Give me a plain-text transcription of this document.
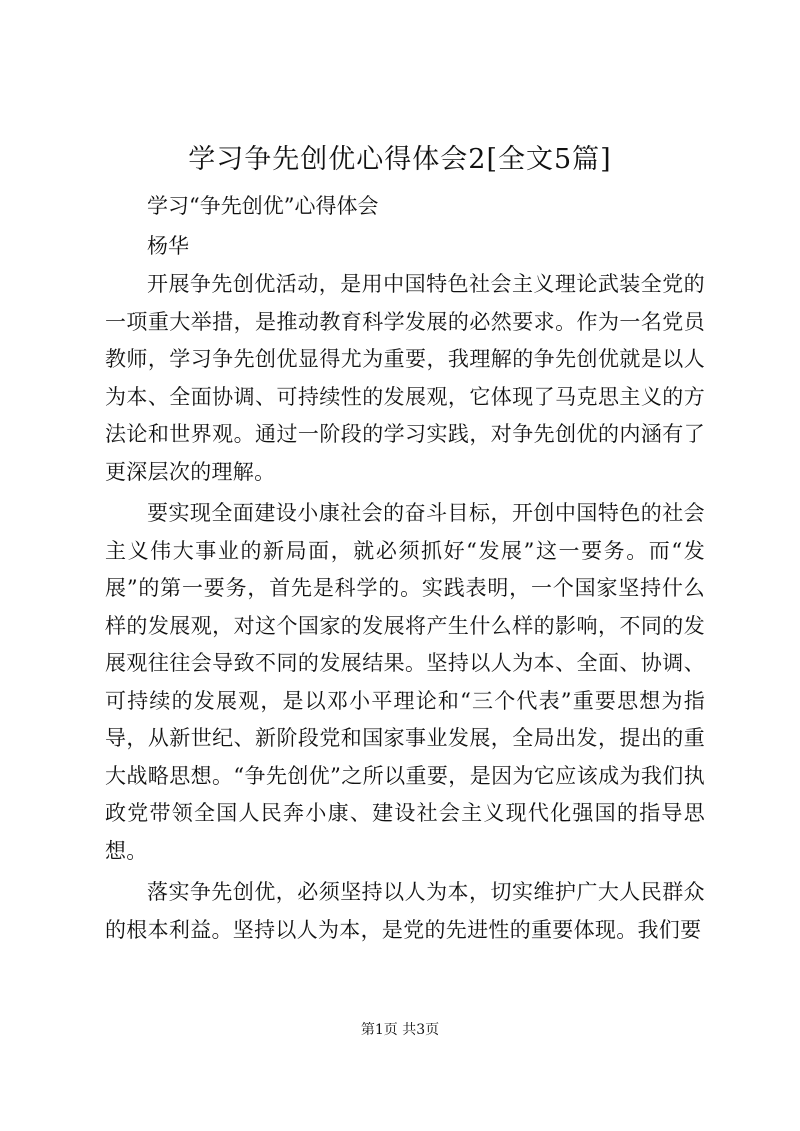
学习争先创优心得体会2[全文5篇]

学习“争先创优”心得体会

杨华

开展争先创优活动，是用中国特色社会主义理论武装全党的一项重大举措，是推动教育科学发展的必然要求。作为一名党员教师，学习争先创优显得尤为重要，我理解的争先创优就是以人为本、全面协调、可持续性的发展观，它体现了马克思主义的方法论和世界观。通过一阶段的学习实践，对争先创优的内涵有了更深层次的理解。

要实现全面建设小康社会的奋斗目标，开创中国特色的社会主义伟大事业的新局面，就必须抓好“发展”这一要务。而“发展”的第一要务，首先是科学的。实践表明，一个国家坚持什么样的发展观，对这个国家的发展将产生什么样的影响，不同的发展观往往会导致不同的发展结果。坚持以人为本、全面、协调、可持续的发展观，是以邓小平理论和“三个代表”重要思想为指导，从新世纪、新阶段党和国家事业发展，全局出发，提出的重大战略思想。“争先创优”之所以重要，是因为它应该成为我们执政党带领全国人民奔小康、建设社会主义现代化强国的指导思想。

落实争先创优，必须坚持以人为本，切实维护广大人民群众的根本利益。坚持以人为本，是党的先进性的重要体现。我们要

第1页 共3页
